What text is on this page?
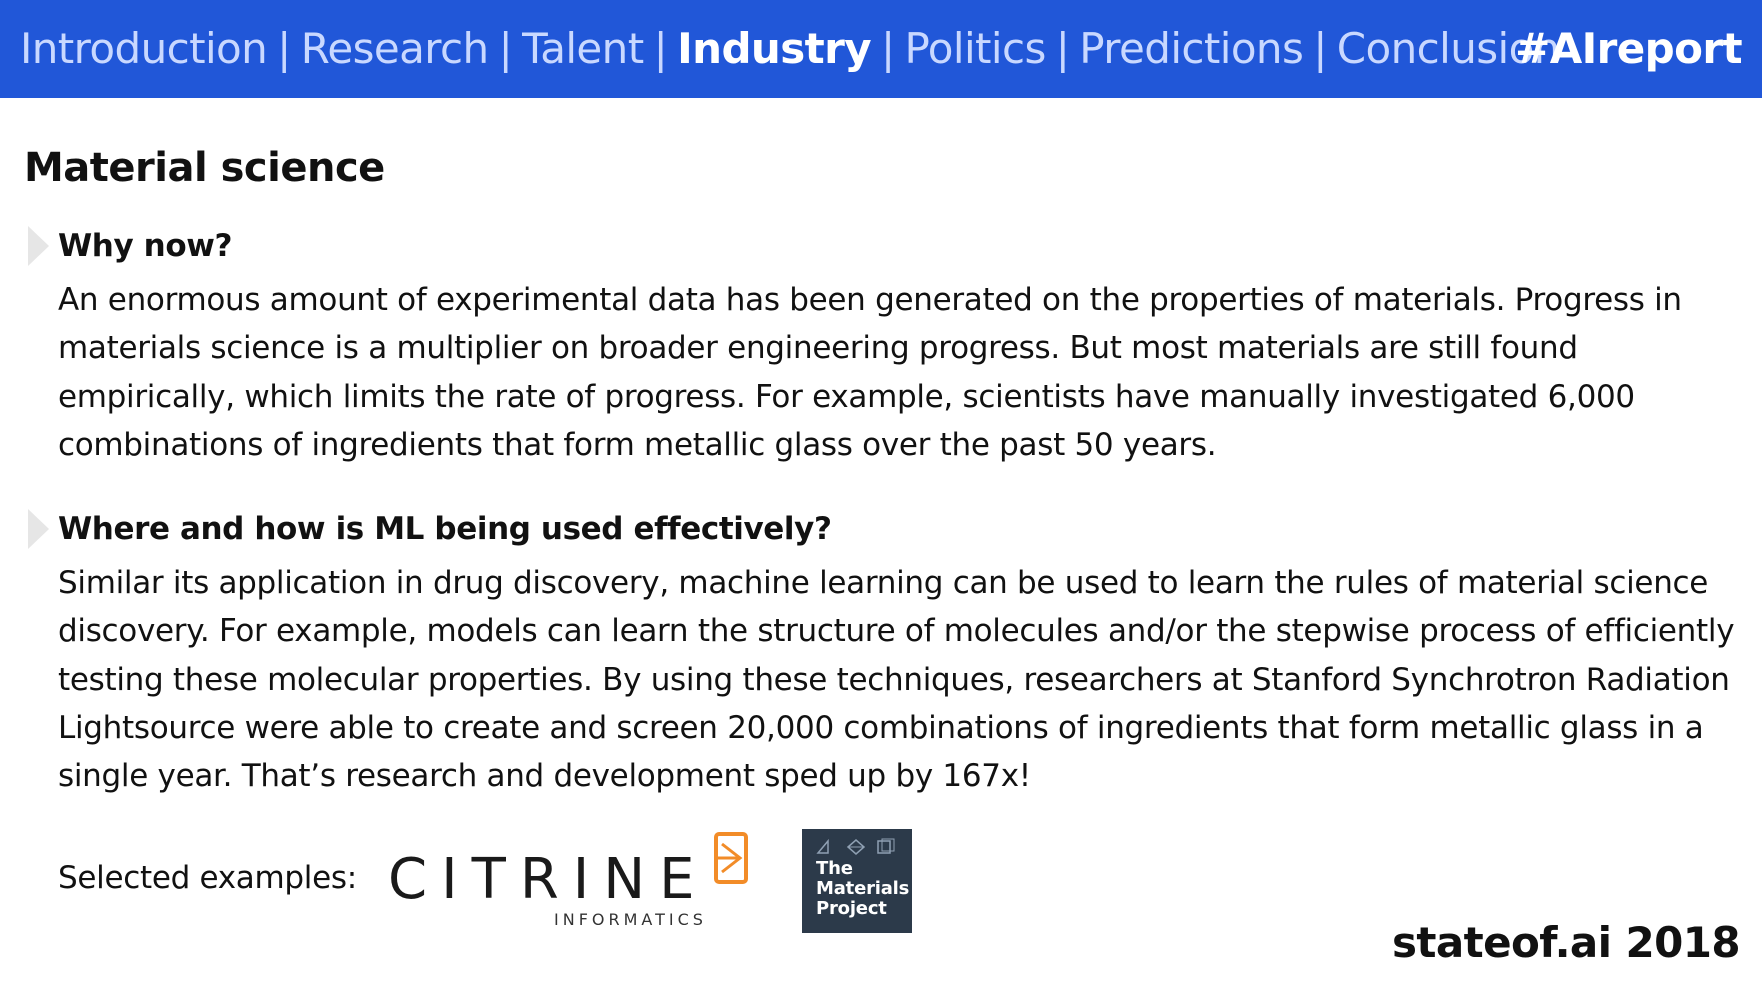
Introduction | Research | Talent | Industry | Politics | Predictions | Conclusion
#AIreport
Material science
Why now?
An enormous amount of experimental data has been generated on the properties of materials. Progress in materials science is a multiplier on broader engineering progress. But most materials are still found empirically, which limits the rate of progress. For example, scientists have manually investigated 6,000 combinations of ingredients that form metallic glass over the past 50 years.
Where and how is ML being used effectively?
Similar its application in drug discovery, machine learning can be used to learn the rules of material science discovery. For example, models can learn the structure of molecules and/or the stepwise process of efficiently testing these molecular properties. By using these techniques, researchers at Stanford Synchrotron Radiation Lightsource were able to create and screen 20,000 combinations of ingredients that form metallic glass in a single year. That’s research and development sped up by 167x!
Selected examples: CITRINE
INFORMATICS
The
Materials
Project
stateof.ai 2018
